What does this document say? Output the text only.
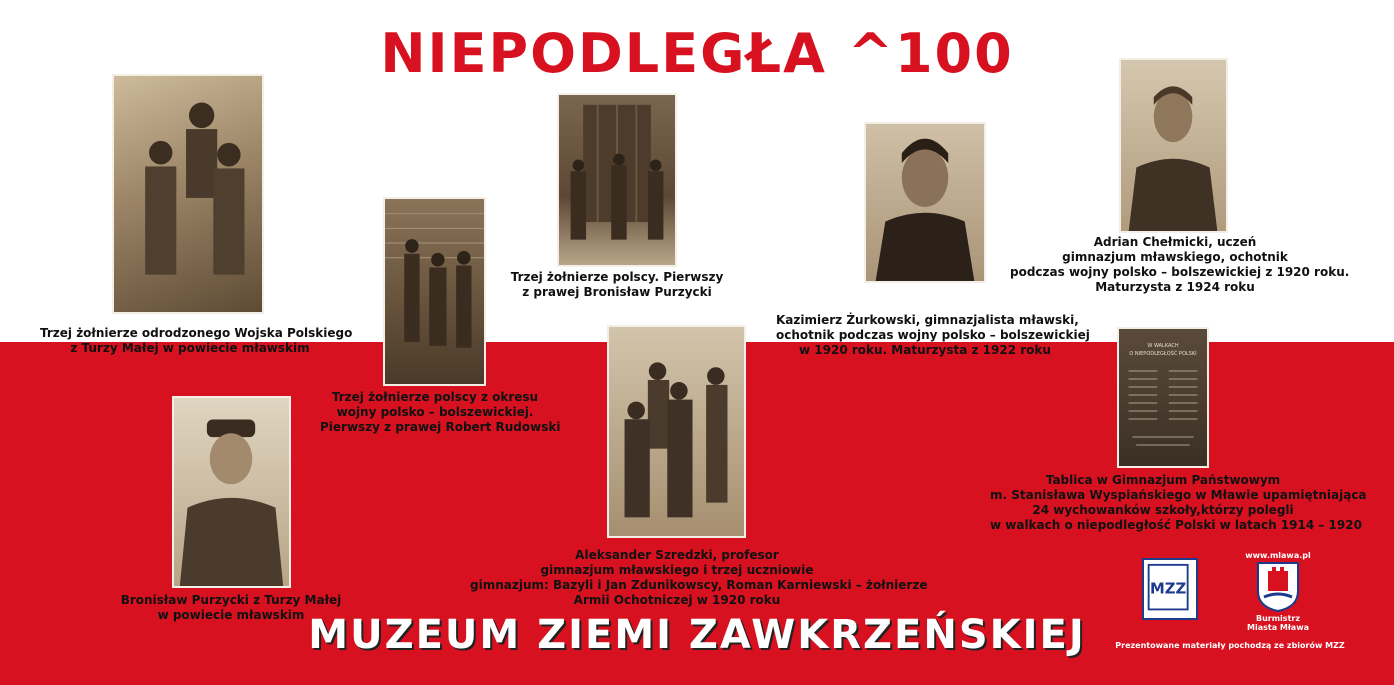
NIEPODLEGŁA ^100
Trzej żołnierze odrodzonego Wojska Polskiego
z Turzy Małej w powiecie mławskim
Trzej żołnierze polscy z okresu
wojny polsko – bolszewickiej.
Pierwszy z prawej Robert Rudowski
Trzej żołnierze polscy. Pierwszy
z prawej Bronisław Purzycki
Kazimierz Żurkowski, gimnazjalista mławski,
ochotnik podczas wojny polsko – bolszewickiej
w 1920 roku. Maturzysta z 1922 roku
Adrian Chełmicki, uczeń
gimnazjum mławskiego, ochotnik
podczas wojny polsko – bolszewickiej z 1920 roku.
Maturzysta z 1924 roku
Bronisław Purzycki z Turzy Małej
w powiecie mławskim
Aleksander Szredzki, profesor
gimnazjum mławskiego i trzej uczniowie
gimnazjum: Bazyli i Jan Zdunikowscy, Roman Karniewski – żołnierze
Armii Ochotniczej w 1920 roku
W WALKACH
O NIEPODLEGŁOŚĆ POLSKI
Tablica w Gimnazjum Państwowym
m. Stanisława Wyspiańskiego w Mławie upamiętniająca
24 wychowanków szkoły,którzy polegli
w walkach o niepodległość Polski w latach 1914 – 1920
MZZ
www.mlawa.pl
Burmistrz
Miasta Mława
MUZEUM ZIEMI ZAWKRZEŃSKIEJ	Prezentowane materiały pochodzą ze zbiorów MZZ
